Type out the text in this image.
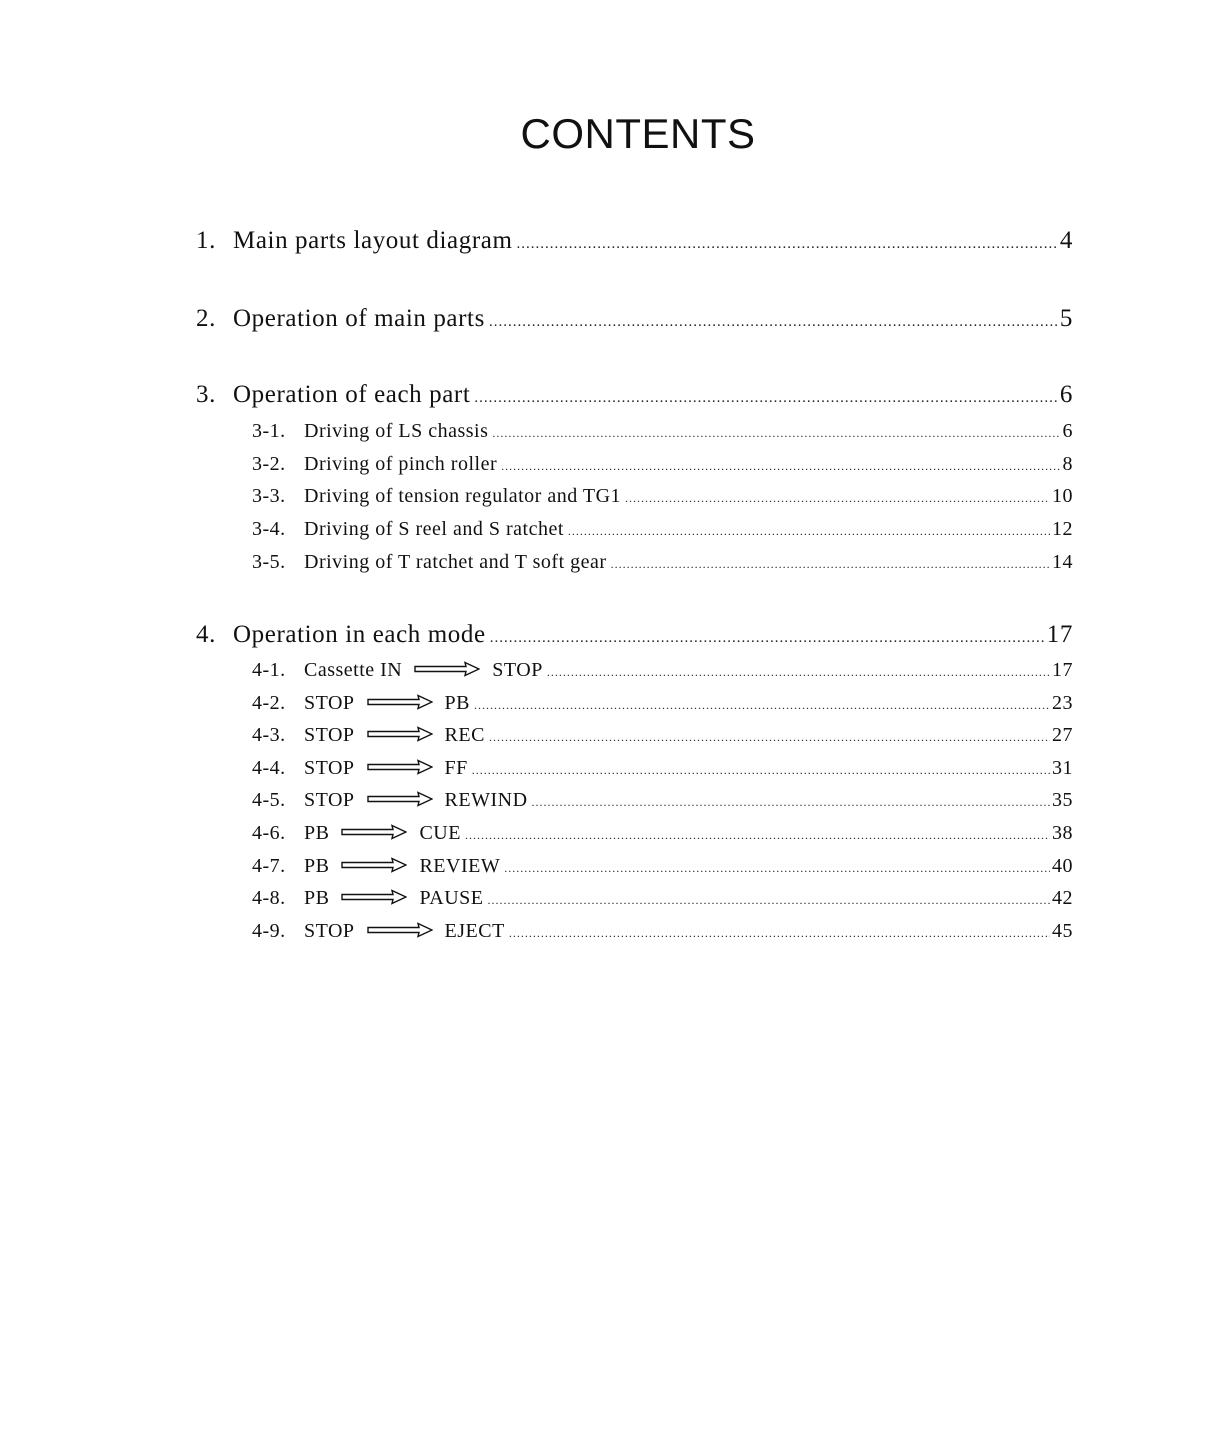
CONTENTS
1. Main parts layout diagram .....	4
2. Operation of main parts .....	5
3. Operation of each part .....	6
3-1. Driving of LS chassis .....	6
3-2. Driving of pinch roller .....	8
3-3. Driving of tension regulator and TG1 .....	10
3-4. Driving of S reel and S ratchet .....	12
3-5. Driving of T ratchet and T soft gear .....	14
4. Operation in each mode .....	17
4-1. Cassette IN	STOP .....	17
4-2. STOP	PB .....	23
4-3. STOP	REC .....	27
4-4. STOP	FF .....	31
4-5. STOP	REWIND .....	35
4-6. PB	CUE .....	38
4-7. PB	REVIEW .....	40
4-8. PB	PAUSE .....	42
4-9. STOP	EJECT .....	45
